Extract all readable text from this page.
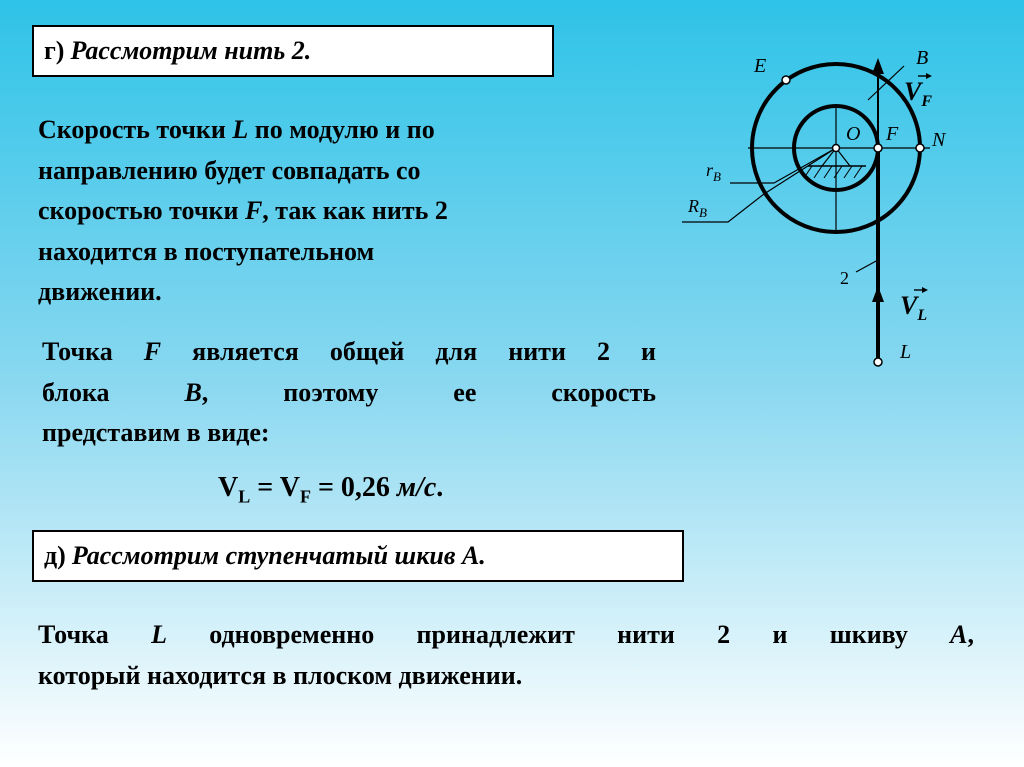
г) Рассмотрим нить 2.
Скорость точки L по модулю и по
направлению будет совпадать со
скоростью точки F, так как нить 2
находится в поступательном
движении.
Точка F является общей для нити 2 и
блока B, поэтому ее скорость
представим в виде:
$V_L = V_F = 0,26$ м/с.
д) Рассмотрим ступенчатый шкив А.
Точка L одновременно принадлежит нити 2 и шкиву А,
который находится в плоском движении.
E	B
$V_F$
O F N
$r_B$
$R_B$
2
$V_L$
L
